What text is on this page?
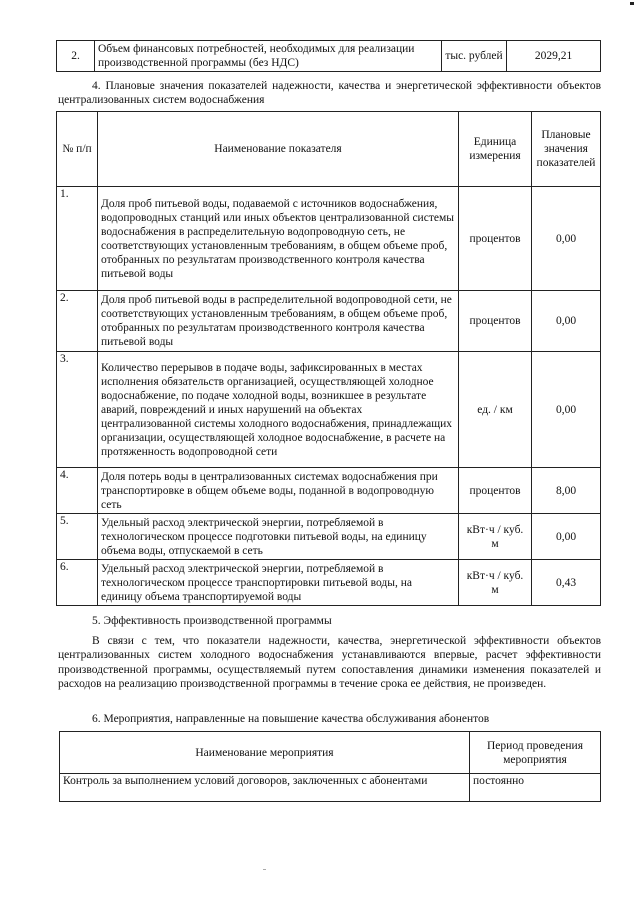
2.	Объем финансовых потребностей, необходимых для реализации производственной программы (без НДС)	тыс. рублей	2029,21

4. Плановые значения показателей надежности, качества и энергетической эффективности объектов централизованных систем водоснабжения

№ п/п	Наименование показателя	Единица измерения	Плановые значения показателей
1.	Доля проб питьевой воды, подаваемой с источников водоснабжения, водопроводных станций или иных объектов централизованной системы водоснабжения в распределительную водопроводную сеть, не соответствующих установленным требованиям, в общем объеме проб, отобранных по результатам производственного контроля качества питьевой воды	процентов	0,00
2.	Доля проб питьевой воды в распределительной водопроводной сети, не соответствующих установленным требованиям, в общем объеме проб, отобранных по результатам производственного контроля качества питьевой воды	процентов	0,00
3.	Количество перерывов в подаче воды, зафиксированных в местах исполнения обязательств организацией, осуществляющей холодное водоснабжение, по подаче холодной воды, возникшее в результате аварий, повреждений и иных нарушений на объектах централизованной системы холодного водоснабжения, принадлежащих организации, осуществляющей холодное водоснабжение, в расчете на протяженность водопроводной сети	ед. / км	0,00
4.	Доля потерь воды в централизованных системах водоснабжения при транспортировке в общем объеме воды, поданной в водопроводную сеть	процентов	8,00
5.	Удельный расход электрической энергии, потребляемой в технологическом процессе подготовки питьевой воды, на единицу объема воды, отпускаемой в сеть	кВт·ч / куб. м	0,00
6.	Удельный расход электрической энергии, потребляемой в технологическом процессе транспортировки питьевой воды, на единицу объема транспортируемой воды	кВт·ч / куб. м	0,43

5. Эффективность производственной программы

В связи с тем, что показатели надежности, качества, энергетической эффективности объектов централизованных систем холодного водоснабжения устанавливаются впервые, расчет эффективности производственной программы, осуществляемый путем сопоставления динамики изменения показателей и расходов на реализацию производственной программы в течение срока ее действия, не произведен.

6. Мероприятия, направленные на повышение качества обслуживания абонентов

Наименование мероприятия	Период проведения мероприятия
Контроль за выполнением условий договоров, заключенных с абонентами	постоянно
